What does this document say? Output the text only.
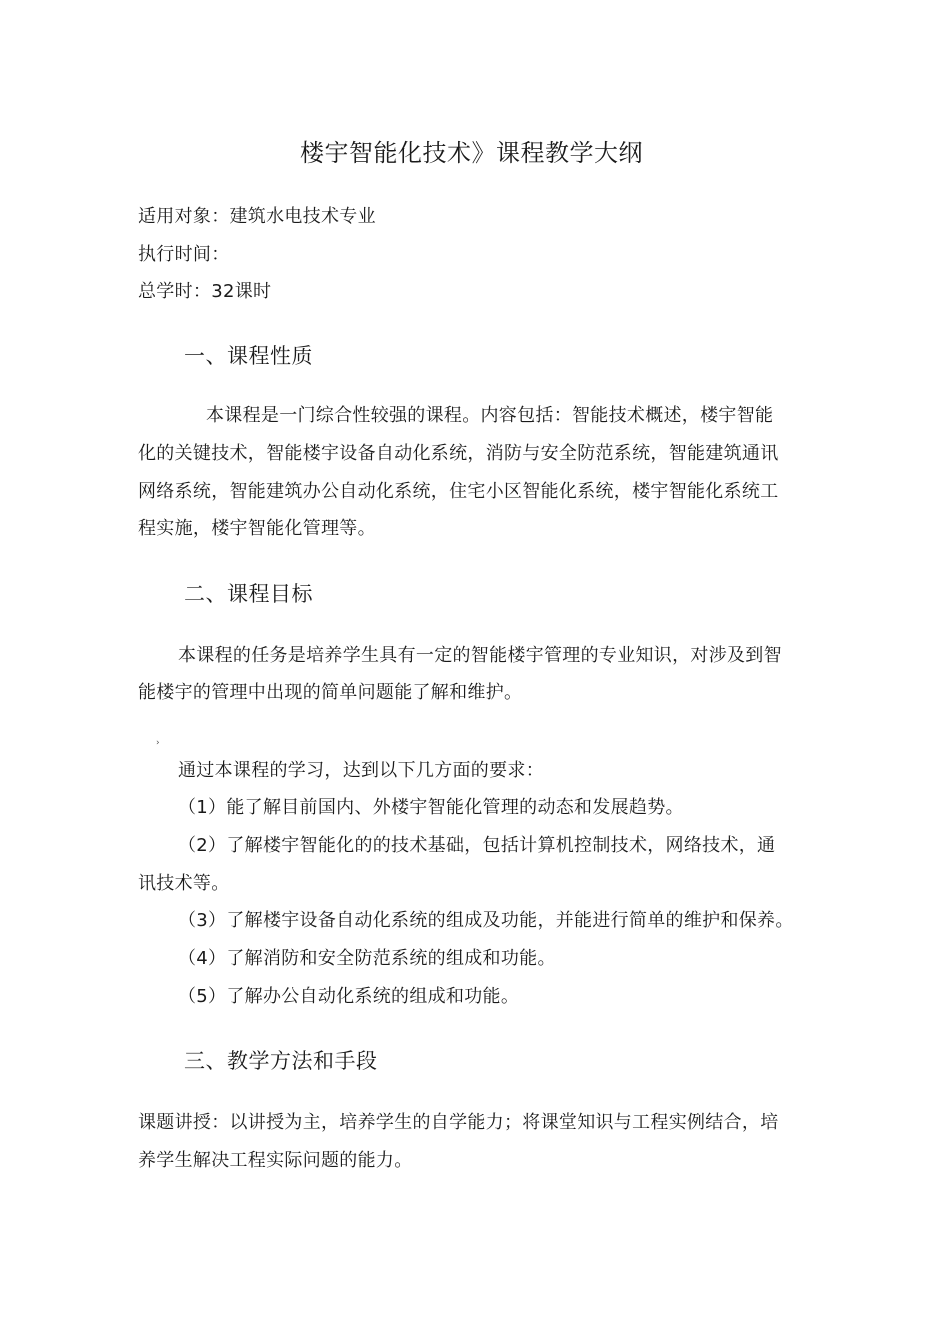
楼宇智能化技术》课程教学大纲
适用对象：建筑水电技术专业
执行时间：
总学时：32课时
一、课程性质
本课程是一门综合性较强的课程。内容包括：智能技术概述，楼宇智能
化的关键技术，智能楼宇设备自动化系统，消防与安全防范系统，智能建筑通讯
网络系统，智能建筑办公自动化系统，住宅小区智能化系统，楼宇智能化系统工
程实施，楼宇智能化管理等。
二、课程目标
本课程的任务是培养学生具有一定的智能楼宇管理的专业知识，对涉及到智
能楼宇的管理中出现的简单问题能了解和维护。
›
通过本课程的学习，达到以下几方面的要求：
（1）能了解目前国内、外楼宇智能化管理的动态和发展趋势。
（2）了解楼宇智能化的的技术基础，包括计算机控制技术，网络技术，通
讯技术等。
（3）了解楼宇设备自动化系统的组成及功能，并能进行简单的维护和保养。
（4）了解消防和安全防范系统的组成和功能。
（5）了解办公自动化系统的组成和功能。
三、教学方法和手段
课题讲授：以讲授为主，培养学生的自学能力；将课堂知识与工程实例结合，培
养学生解决工程实际问题的能力。
